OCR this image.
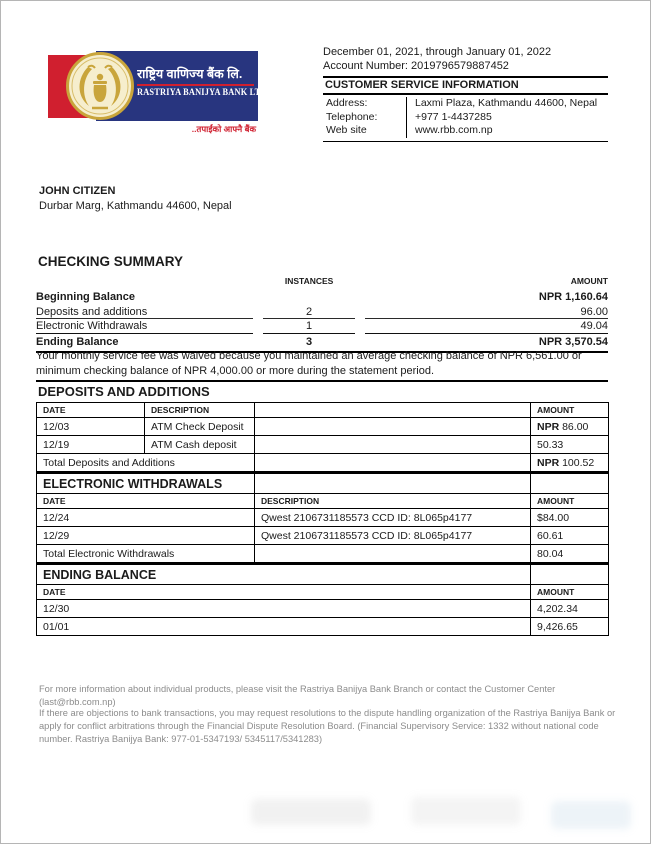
राष्ट्रिय वाणिज्य बैंक लि.
RASTRIYA BANIJYA BANK LTD.
..तपाईंको आफ्नै बैंक
December 01, 2021, through January 01, 2022
Account Number: 2019796579887452
CUSTOMER SERVICE INFORMATION
Address:	Laxmi Plaza, Kathmandu 44600, Nepal
Telephone:	+977 1-4437285
Web site	www.rbb.com.np
JOHN CITIZEN
Durbar Marg, Kathmandu 44600, Nepal
CHECKING SUMMARY
INSTANCES	AMOUNT
Beginning Balance	NPR 1,160.64
Deposits and additions	2	96.00
Electronic Withdrawals	1	49.04
Ending Balance	3	NPR 3,570.54
Your monthly service fee was waived because you maintained an average checking balance of NPR 6,561.00 or minimum checking balance of NPR 4,000.00 or more during the statement period.
DEPOSITS AND ADDITIONS
DATE	DESCRIPTION		AMOUNT
12/03	ATM Check Deposit		NPR 86.00
12/19	ATM Cash deposit		50.33
Total Deposits and Additions			NPR 100.52
ELECTRONIC WITHDRAWALS		
DATE	DESCRIPTION	AMOUNT
12/24	Qwest 2106731185573 CCD ID: 8L065p4177	$84.00
12/29	Qwest 2106731185573 CCD ID: 8L065p4177	60.61
Total Electronic Withdrawals		80.04
ENDING BALANCE	
DATE	AMOUNT
12/30	4,202.34
01/01	9,426.65
For more information about individual products, please visit the Rastriya Banijya Bank Branch or contact the Customer Center (last@rbb.com.np)
If there are objections to bank transactions, you may request resolutions to the dispute handling organization of the Rastriya Banijya Bank or apply for conflict arbitrations through the Financial Dispute Resolution Board. (Financial Supervisory Service: 1332 without national code number. Rastriya Banijya Bank: 977-01-5347193/ 5345117/5341283)
